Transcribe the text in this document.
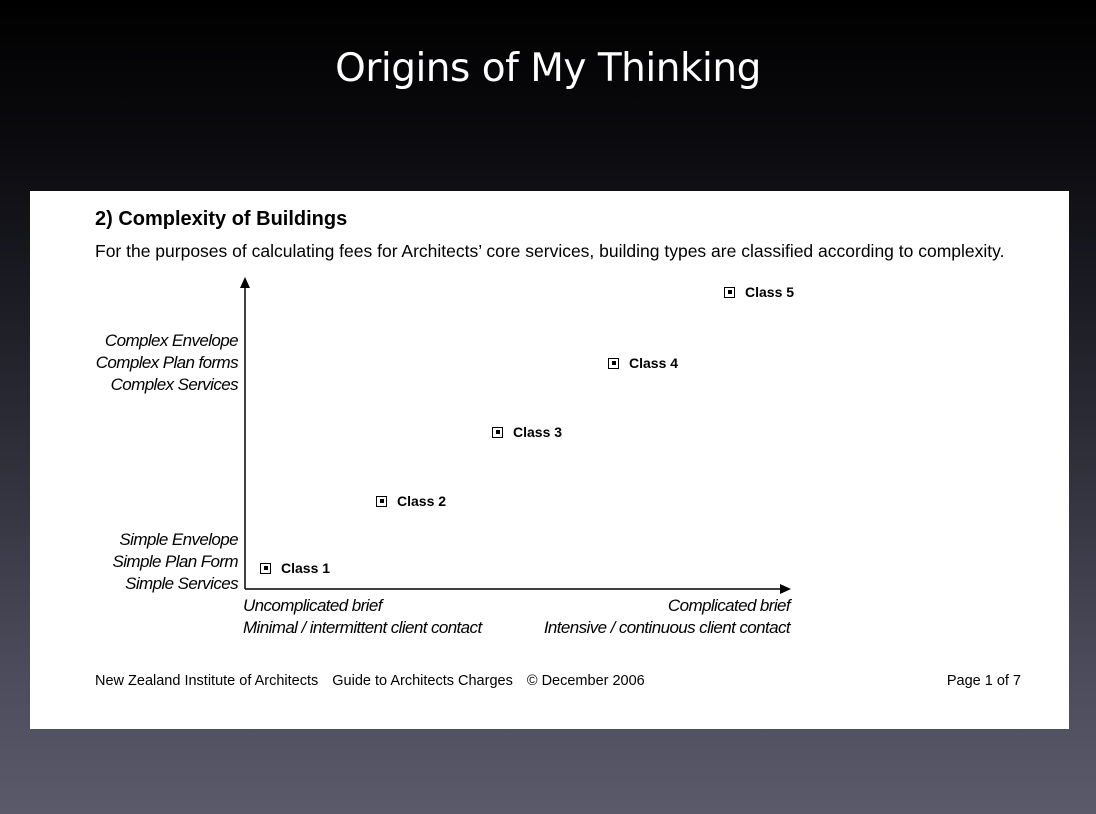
Origins of My Thinking
2) Complexity of Buildings
For the purposes of calculating fees for Architects’ core services, building types are classified according to complexity.
Complex Envelope
Complex Plan forms
Complex Services
Simple Envelope
Simple Plan Form
Simple Services
Class 1
Class 2
Class 3
Class 4
Class 5
Uncomplicated brief
Minimal / intermittent client contact
Complicated brief
Intensive / continuous client contact
New Zealand Institute of Architects Guide to Architects Charges © December 2006	Page 1 of 7
